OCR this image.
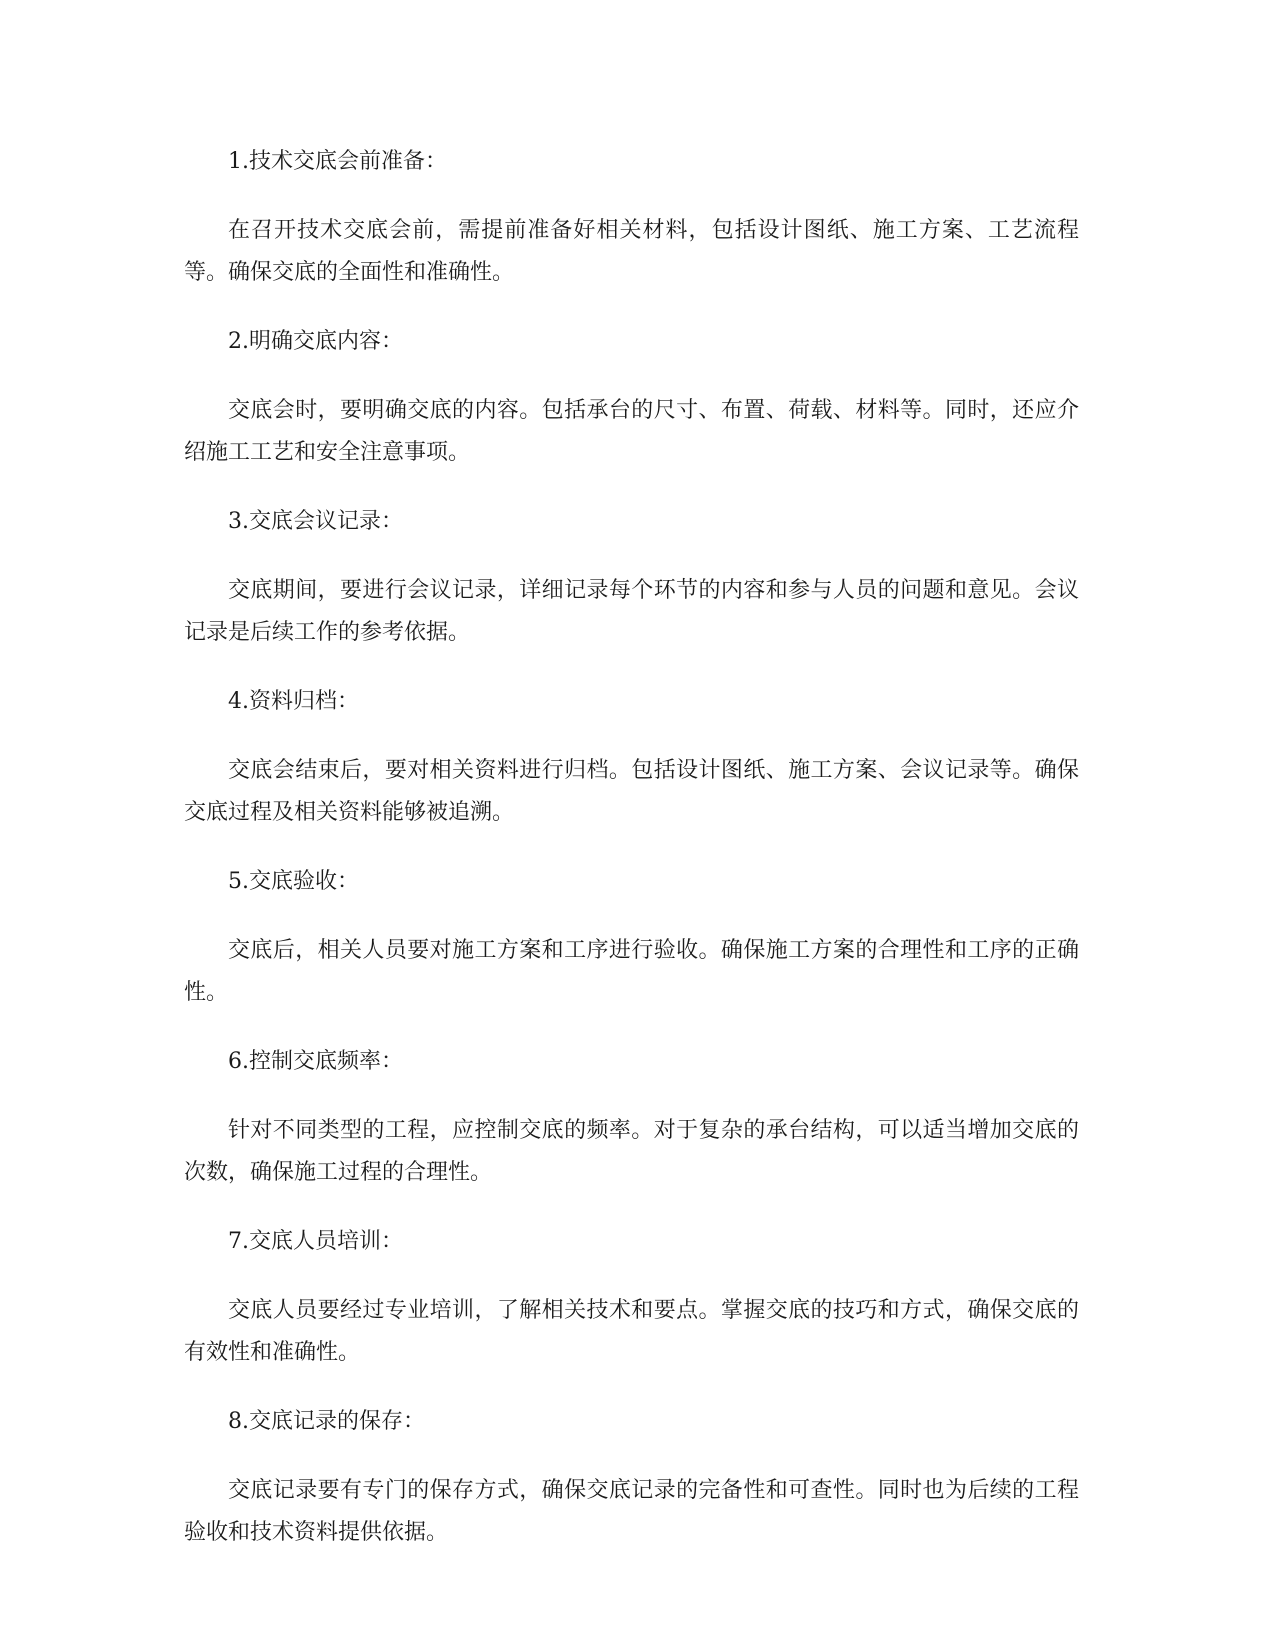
1.技术交底会前准备：

在召开技术交底会前，需提前准备好相关材料，包括设计图纸、施工方案、工艺流程等。确保交底的全面性和准确性。

2.明确交底内容：

交底会时，要明确交底的内容。包括承台的尺寸、布置、荷载、材料等。同时，还应介绍施工工艺和安全注意事项。

3.交底会议记录：

交底期间，要进行会议记录，详细记录每个环节的内容和参与人员的问题和意见。会议记录是后续工作的参考依据。

4.资料归档：

交底会结束后，要对相关资料进行归档。包括设计图纸、施工方案、会议记录等。确保交底过程及相关资料能够被追溯。

5.交底验收：

交底后，相关人员要对施工方案和工序进行验收。确保施工方案的合理性和工序的正确性。

6.控制交底频率：

针对不同类型的工程，应控制交底的频率。对于复杂的承台结构，可以适当增加交底的次数，确保施工过程的合理性。

7.交底人员培训：

交底人员要经过专业培训，了解相关技术和要点。掌握交底的技巧和方式，确保交底的有效性和准确性。

8.交底记录的保存：

交底记录要有专门的保存方式，确保交底记录的完备性和可查性。同时也为后续的工程验收和技术资料提供依据。
